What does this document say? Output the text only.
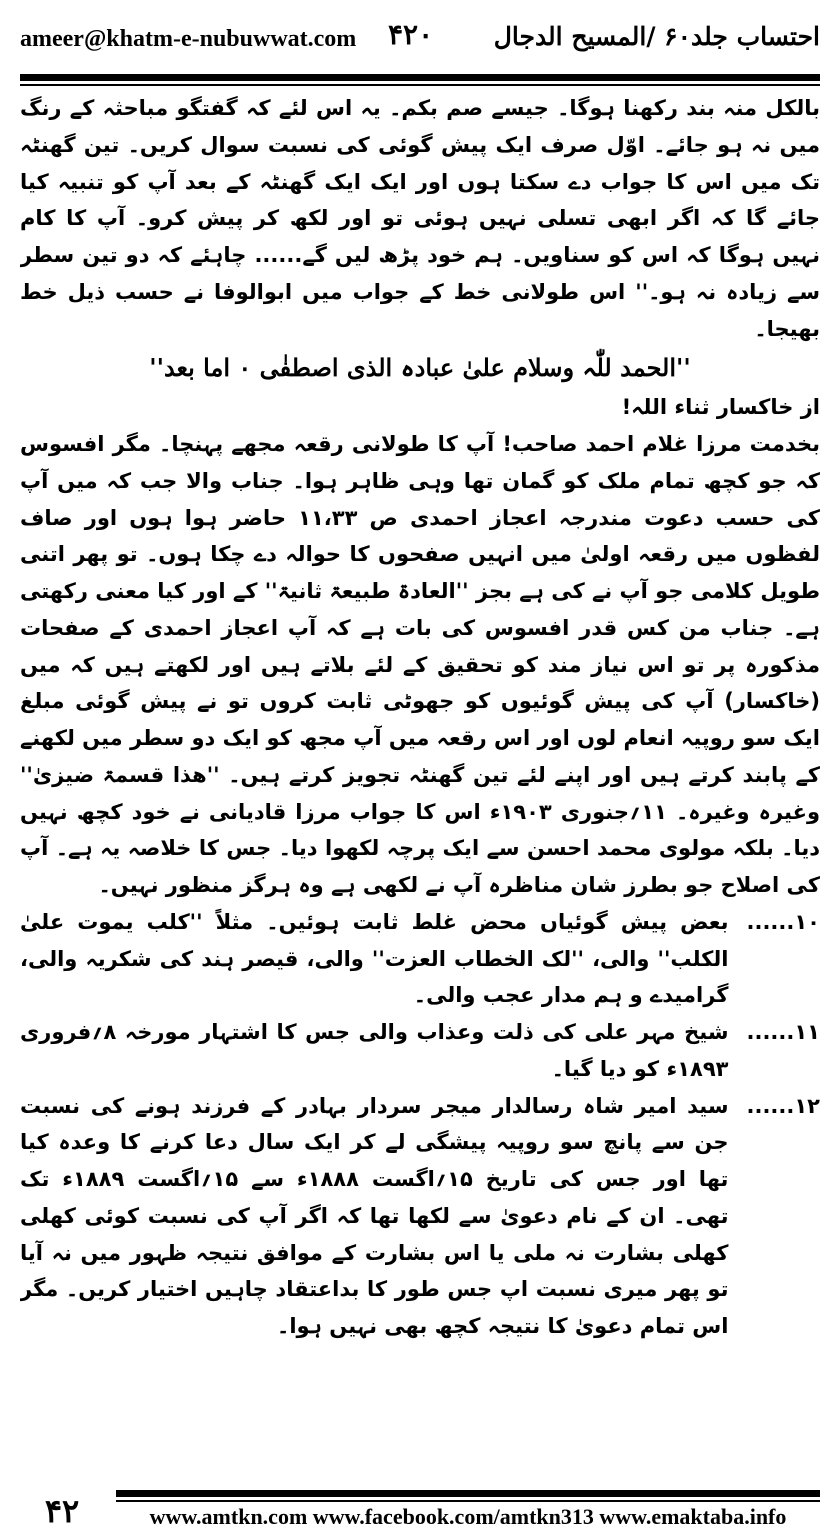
ameer@khatm-e-nubuwwat.com ۴۲۰ احتساب جلد۶۰ /المسیح الدجال

بالکل منہ بند رکھنا ہوگا۔ جیسے صم بکم۔ یہ اس لئے کہ گفتگو مباحثہ کے رنگ میں نہ ہو جائے۔ اوّل صرف ایک پیش گوئی کی نسبت سوال کریں۔ تین گھنٹہ تک میں اس کا جواب دے سکتا ہوں اور ایک ایک گھنٹہ کے بعد آپ کو تنبیہ کیا جائے گا کہ اگر ابھی تسلی نہیں ہوئی تو اور لکھ کر پیش کرو۔ آپ کا کام نہیں ہوگا کہ اس کو سناویں۔ ہم خود پڑھ لیں گے...... چاہئے کہ دو تین سطر سے زیادہ نہ ہو۔'' اس طولانی خط کے جواب میں ابوالوفا نے حسب ذیل خط بھیجا۔

''الحمد للّٰہ وسلام علیٰ عبادہ الذی اصطفٰی ۰ اما بعد''

از خاکسار ثناء اللہ!

بخدمت مرزا غلام احمد صاحب! آپ کا طولانی رقعہ مجھے پہنچا۔ مگر افسوس کہ جو کچھ تمام ملک کو گمان تھا وہی ظاہر ہوا۔ جناب والا جب کہ میں آپ کی حسب دعوت مندرجہ اعجاز احمدی ص ۱۱،۳۳ حاضر ہوا ہوں اور صاف لفظوں میں رقعہ اولیٰ میں انہیں صفحوں کا حوالہ دے چکا ہوں۔ تو پھر اتنی طویل کلامی جو آپ نے کی ہے بجز ''العادۃ طبیعۃ ثانیۃ'' کے اور کیا معنی رکھتی ہے۔ جناب من کس قدر افسوس کی بات ہے کہ آپ اعجاز احمدی کے صفحات مذکورہ پر تو اس نیاز مند کو تحقیق کے لئے بلاتے ہیں اور لکھتے ہیں کہ میں (خاکسار) آپ کی پیش گوئیوں کو جھوٹی ثابت کروں تو نے پیش گوئی مبلغ ایک سو روپیہ انعام لوں اور اس رقعہ میں آپ مجھ کو ایک دو سطر میں لکھنے کے پابند کرتے ہیں اور اپنے لئے تین گھنٹہ تجویز کرتے ہیں۔ ''ھذا قسمۃ ضیزیٰ'' وغیرہ وغیرہ۔ ۱۱؍جنوری ۱۹۰۳ء اس کا جواب مرزا قادیانی نے خود کچھ نہیں دیا۔ بلکہ مولوی محمد احسن سے ایک پرچہ لکھوا دیا۔ جس کا خلاصہ یہ ہے۔ آپ کی اصلاح جو بطرز شان مناظرہ آپ نے لکھی ہے وہ ہرگز منظور نہیں۔

۱۰......
بعض پیش گوئیاں محض غلط ثابت ہوئیں۔ مثلاً ''کلب یموت علیٰ الکلب'' والی، ''لک الخطاب العزت'' والی، قیصر ہند کی شکریہ والی، گرامیدے و ہم مدار عجب والی۔
۱۱......
شیخ مہر علی کی ذلت وعذاب والی جس کا اشتہار مورخہ ۸؍فروری ۱۸۹۳ء کو دیا گیا۔
۱۲......
سید امیر شاہ رسالدار میجر سردار بہادر کے فرزند ہونے کی نسبت جن سے پانچ سو روپیہ پیشگی لے کر ایک سال دعا کرنے کا وعدہ کیا تھا اور جس کی تاریخ ۱۵؍اگست ۱۸۸۸ء سے ۱۵؍اگست ۱۸۸۹ء تک تھی۔ ان کے نام دعویٰ سے لکھا تھا کہ اگر آپ کی نسبت کوئی کھلی کھلی بشارت نہ ملی یا اس بشارت کے موافق نتیجہ ظہور میں نہ آیا تو پھر میری نسبت اپ جس طور کا بداعتقاد چاہیں اختیار کریں۔ مگر اس تمام دعویٰ کا نتیجہ کچھ بھی نہیں ہوا۔
۴۲	www.amtkn.com www.facebook.com/amtkn313 www.emaktaba.info
